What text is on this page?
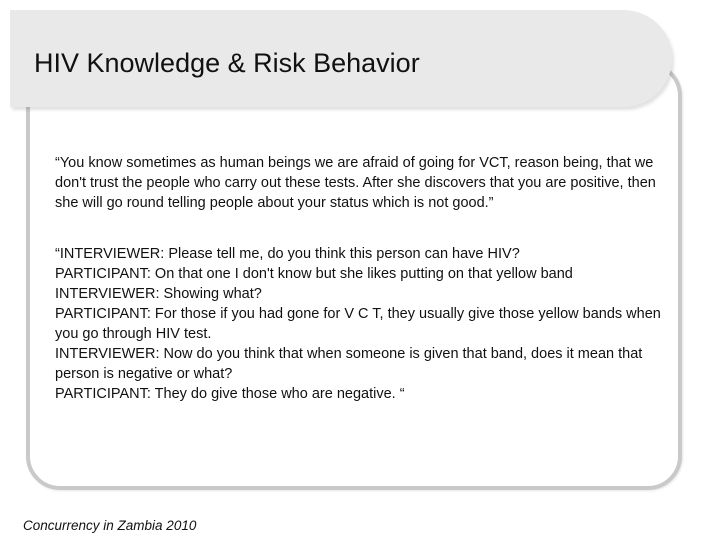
HIV Knowledge & Risk Behavior

“You know sometimes as human beings we are afraid of going for VCT, reason being, that we don't trust the people who carry out these tests. After she discovers that you are positive, then she will go round telling people about your status which is not good.”

“INTERVIEWER: Please tell me, do you think this person can have HIV?
PARTICIPANT: On that one I don't know but she likes putting on that yellow band
INTERVIEWER: Showing what?
PARTICIPANT: For those if you had gone for V C T, they usually give those yellow bands when you go through HIV test.
INTERVIEWER: Now do you think that when someone is given that band, does it mean that person is negative or what?
PARTICIPANT: They do give those who are negative. “
Concurrency in Zambia 2010
